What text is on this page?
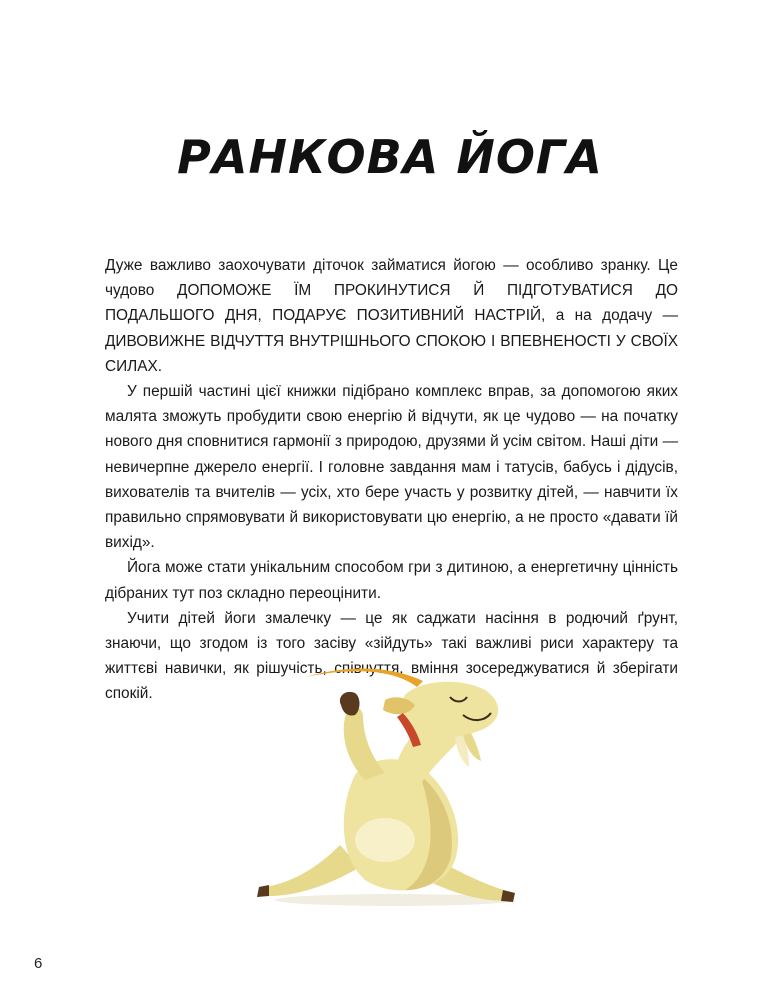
РАНКОВА ЙОГА

Дуже важливо заохочувати діточок займатися йогою — особливо зранку. Це чудово ДОПОМОЖЕ ЇМ ПРОКИНУТИСЯ Й ПІДГОТУВАТИСЯ ДО ПОДАЛЬШОГО ДНЯ, ПОДАРУЄ ПОЗИТИВНИЙ НАСТРІЙ, а на додачу — ДИВОВИЖНЕ ВІДЧУТТЯ ВНУТРІШНЬОГО СПОКОЮ І ВПЕВНЕНОСТІ У СВОЇХ СИЛАХ.

У першій частині цієї книжки підібрано комплекс вправ, за допомогою яких малята зможуть пробудити свою енергію й відчути, як це чудово — на початку нового дня сповнитися гармонії з природою, друзями й усім світом. Наші діти — невичерпне джерело енергії. І головне завдання мам і татусів, бабусь і дідусів, вихователів та вчителів — усіх, хто бере участь у розвитку дітей, — навчити їх правильно спрямовувати й використовувати цю енергію, а не просто «давати їй вихід».

Йога може стати унікальним способом гри з дитиною, а енергетичну цінність дібраних тут поз складно переоцінити.

Учити дітей йоги змалечку — це як саджати насіння в родючий ґрунт, знаючи, що згодом із того засіву «зійдуть» такі важливі риси характеру та життєві навички, як рішучість, співчуття, вміння зосереджуватися й зберігати спокій.

6
